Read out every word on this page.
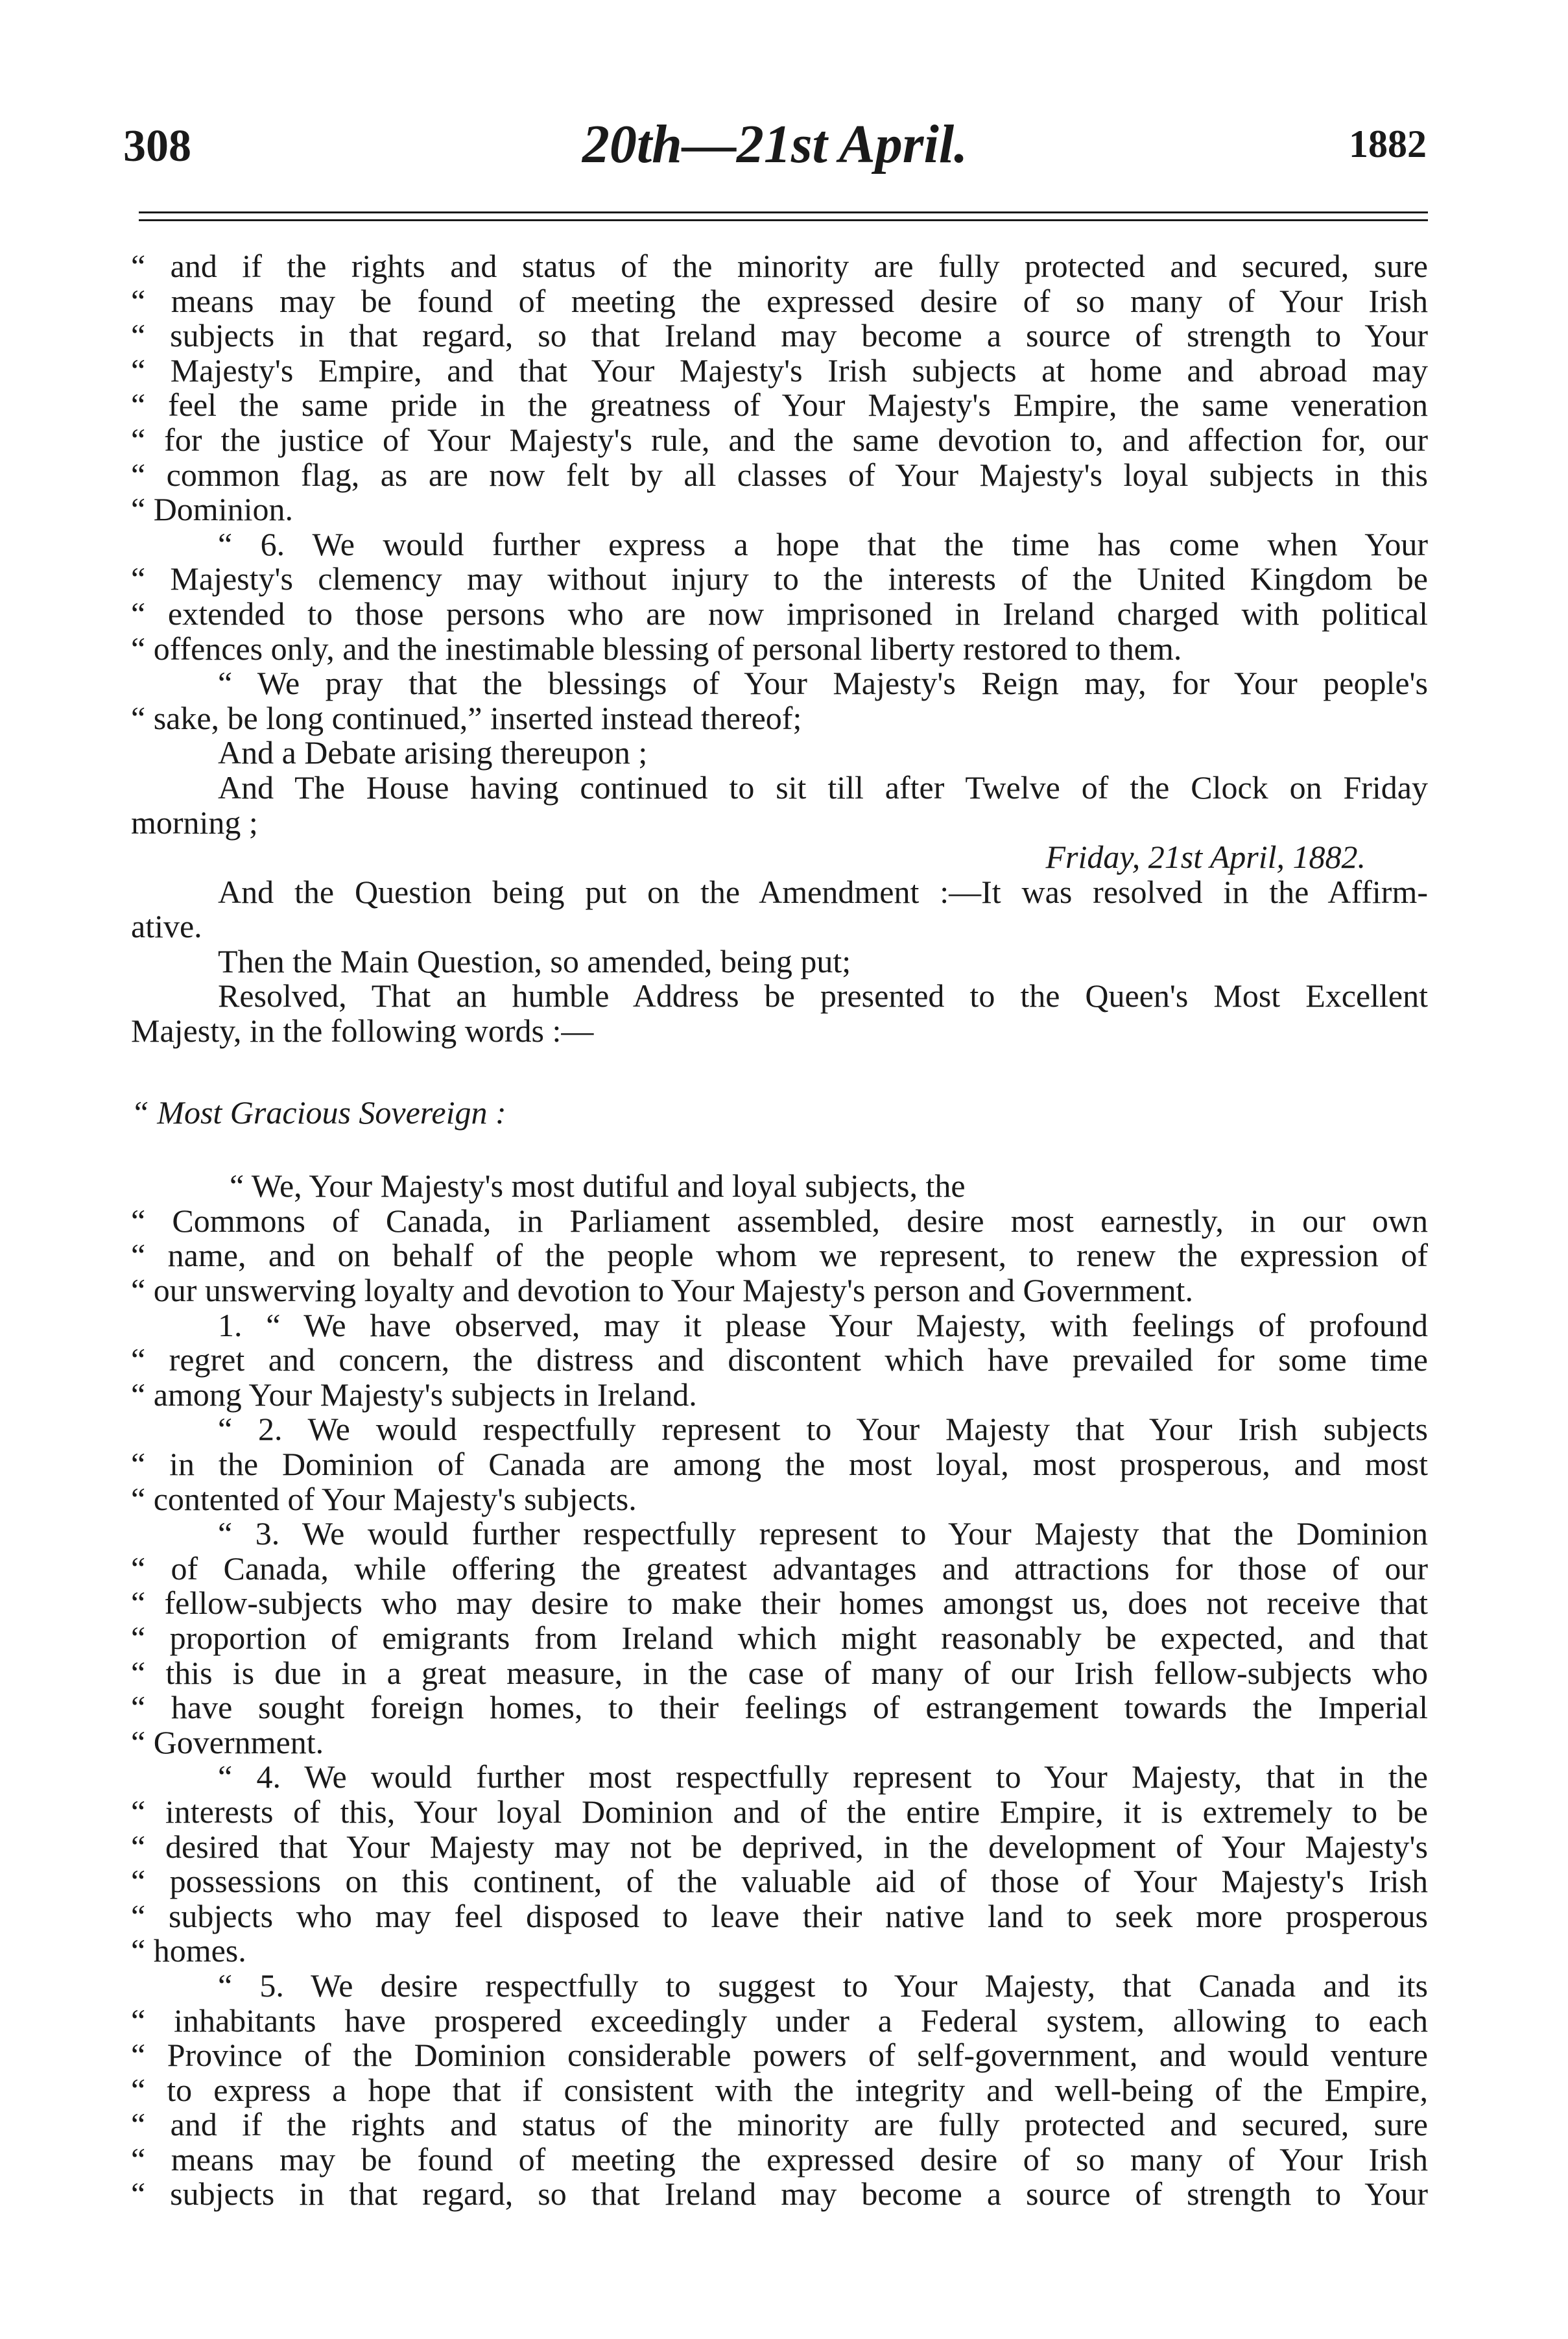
308	20th—21st April.	1882
“ and if the rights and status of the minority are fully protected and secured, sure
“ means may be found of meeting the expressed desire of so many of Your Irish
“ subjects in that regard, so that Ireland may become a source of strength to Your
“ Majesty's Empire, and that Your Majesty's Irish subjects at home and abroad may
“ feel the same pride in the greatness of Your Majesty's Empire, the same veneration
“ for the justice of Your Majesty's rule, and the same devotion to, and affection for, our
“ common flag, as are now felt by all classes of Your Majesty's loyal subjects in this
“ Dominion.
“ 6. We would further express a hope that the time has come when Your
“ Majesty's clemency may without injury to the interests of the United Kingdom be
“ extended to those persons who are now imprisoned in Ireland charged with political
“ offences only, and the inestimable blessing of personal liberty restored to them.
“ We pray that the blessings of Your Majesty's Reign may, for Your people's
“ sake, be long continued,” inserted instead thereof;
And a Debate arising thereupon ;
And The House having continued to sit till after Twelve of the Clock on Friday
morning ;
Friday, 21st April, 1882.
And the Question being put on the Amendment :—It was resolved in the Affirm-
ative.
Then the Main Question, so amended, being put;
Resolved, That an humble Address be presented to the Queen's Most Excellent
Majesty, in the following words :—
“ Most Gracious Sovereign :
“ We, Your Majesty's most dutiful and loyal subjects, the
“ Commons of Canada, in Parliament assembled, desire most earnestly, in our own
“ name, and on behalf of the people whom we represent, to renew the expression of
“ our unswerving loyalty and devotion to Your Majesty's person and Government.
1. “ We have observed, may it please Your Majesty, with feelings of profound
“ regret and concern, the distress and discontent which have prevailed for some time
“ among Your Majesty's subjects in Ireland.
“ 2. We would respectfully represent to Your Majesty that Your Irish subjects
“ in the Dominion of Canada are among the most loyal, most prosperous, and most
“ contented of Your Majesty's subjects.
“ 3. We would further respectfully represent to Your Majesty that the Dominion
“ of Canada, while offering the greatest advantages and attractions for those of our
“ fellow-subjects who may desire to make their homes amongst us, does not receive that
“ proportion of emigrants from Ireland which might reasonably be expected, and that
“ this is due in a great measure, in the case of many of our Irish fellow-subjects who
“ have sought foreign homes, to their feelings of estrangement towards the Imperial
“ Government.
“ 4. We would further most respectfully represent to Your Majesty, that in the
“ interests of this, Your loyal Dominion and of the entire Empire, it is extremely to be
“ desired that Your Majesty may not be deprived, in the development of Your Majesty's
“ possessions on this continent, of the valuable aid of those of Your Majesty's Irish
“ subjects who may feel disposed to leave their native land to seek more prosperous
“ homes.
“ 5. We desire respectfully to suggest to Your Majesty, that Canada and its
“ inhabitants have prospered exceedingly under a Federal system, allowing to each
“ Province of the Dominion considerable powers of self-government, and would venture
“ to express a hope that if consistent with the integrity and well-being of the Empire,
“ and if the rights and status of the minority are fully protected and secured, sure
“ means may be found of meeting the expressed desire of so many of Your Irish
“ subjects in that regard, so that Ireland may become a source of strength to Your
